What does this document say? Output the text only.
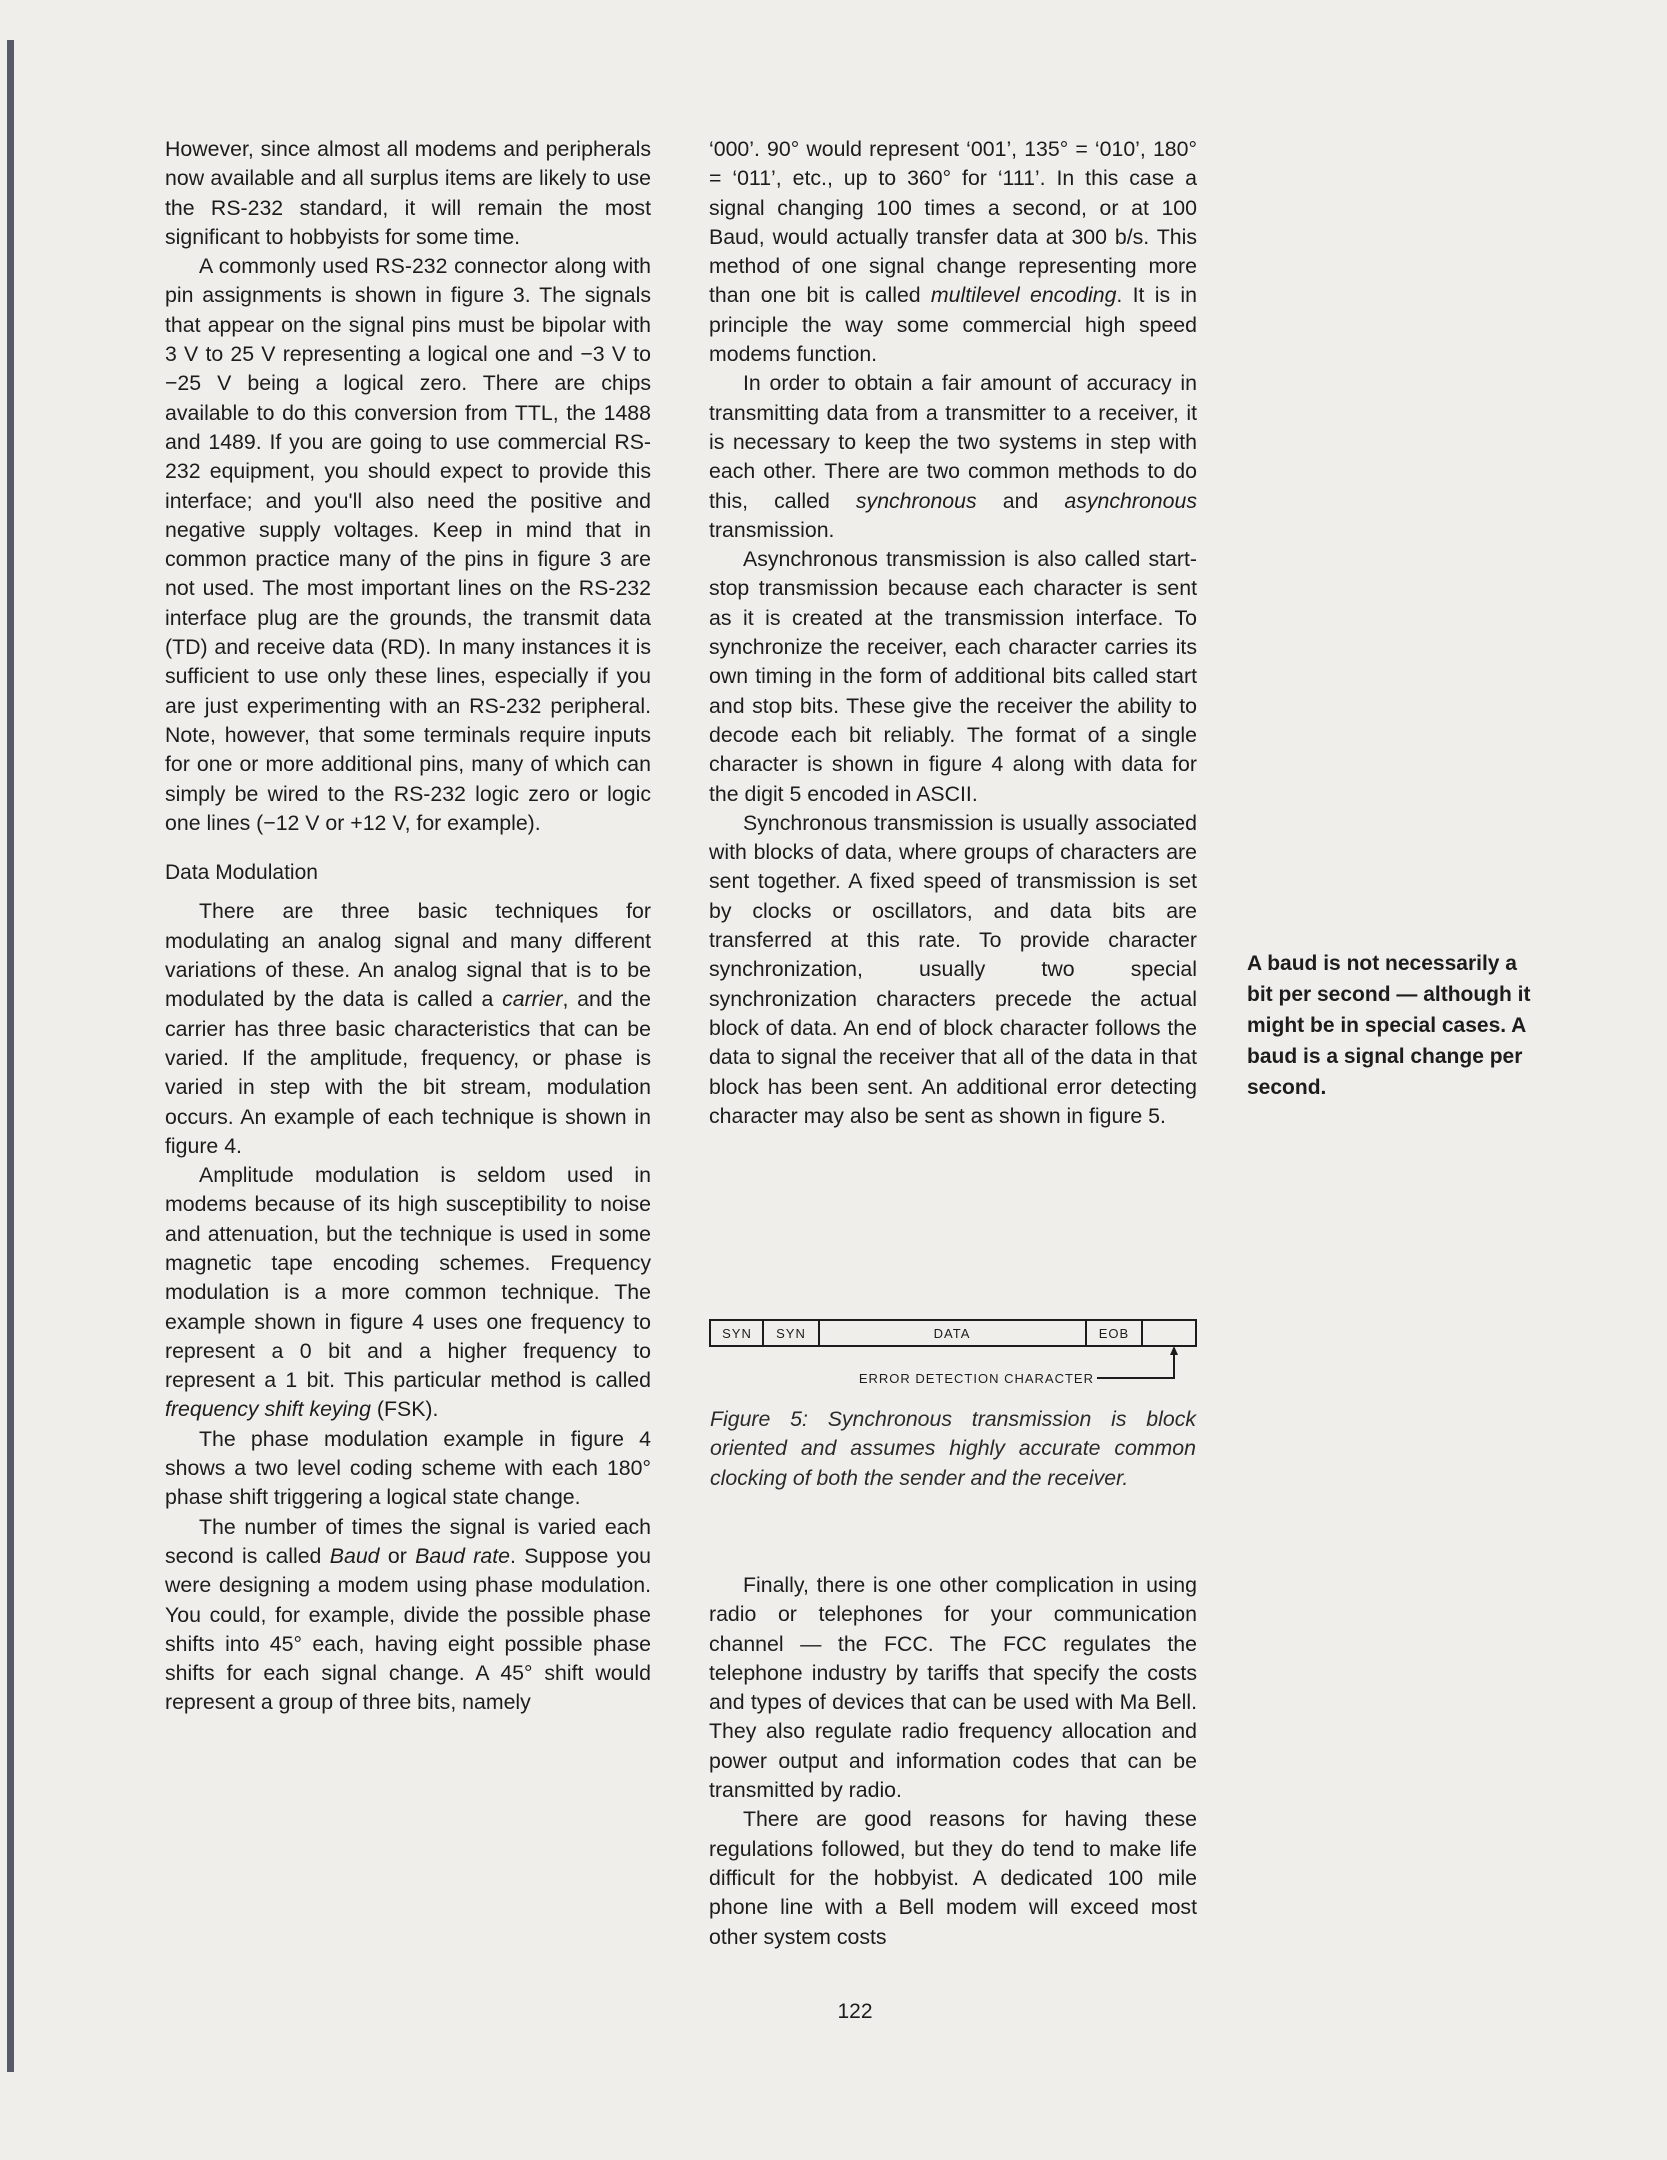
However, since almost all modems and peripherals now available and all surplus items are likely to use the RS-232 standard, it will remain the most significant to hobbyists for some time.

A commonly used RS-232 connector along with pin assignments is shown in figure 3. The signals that appear on the signal pins must be bipolar with 3 V to 25 V representing a logical one and −3 V to −25 V being a logical zero. There are chips available to do this conversion from TTL, the 1488 and 1489. If you are going to use commercial RS-232 equipment, you should expect to provide this interface; and you'll also need the positive and negative supply voltages. Keep in mind that in common practice many of the pins in figure 3 are not used. The most important lines on the RS-232 interface plug are the grounds, the transmit data (TD) and receive data (RD). In many instances it is sufficient to use only these lines, especially if you are just experimenting with an RS-232 peripheral. Note, however, that some terminals require inputs for one or more additional pins, many of which can simply be wired to the RS-232 logic zero or logic one lines (−12 V or +12 V, for example).

Data Modulation

There are three basic techniques for modulating an analog signal and many different variations of these. An analog signal that is to be modulated by the data is called a carrier, and the carrier has three basic characteristics that can be varied. If the amplitude, frequency, or phase is varied in step with the bit stream, modulation occurs. An example of each technique is shown in figure 4.

Amplitude modulation is seldom used in modems because of its high susceptibility to noise and attenuation, but the technique is used in some magnetic tape encoding schemes. Frequency modulation is a more common technique. The example shown in figure 4 uses one frequency to represent a 0 bit and a higher frequency to represent a 1 bit. This particular method is called frequency shift keying (FSK).

The phase modulation example in figure 4 shows a two level coding scheme with each 180° phase shift triggering a logical state change.

The number of times the signal is varied each second is called Baud or Baud rate. Suppose you were designing a modem using phase modulation. You could, for example, divide the possible phase shifts into 45° each, having eight possible phase shifts for each signal change. A 45° shift would represent a group of three bits, namely

‘000’. 90° would represent ‘001’, 135° = ‘010’, 180° = ‘011’, etc., up to 360° for ‘111’. In this case a signal changing 100 times a second, or at 100 Baud, would actually transfer data at 300 b/s. This method of one signal change representing more than one bit is called multilevel encoding. It is in principle the way some commercial high speed modems function.

In order to obtain a fair amount of accuracy in transmitting data from a transmitter to a receiver, it is necessary to keep the two systems in step with each other. There are two common methods to do this, called synchronous and asynchronous transmission.

Asynchronous transmission is also called start-stop transmission because each character is sent as it is created at the transmission interface. To synchronize the receiver, each character carries its own timing in the form of additional bits called start and stop bits. These give the receiver the ability to decode each bit reliably. The format of a single character is shown in figure 4 along with data for the digit 5 encoded in ASCII.

Synchronous transmission is usually associated with blocks of data, where groups of characters are sent together. A fixed speed of transmission is set by clocks or oscillators, and data bits are transferred at this rate. To provide character synchronization, usually two special synchronization characters precede the actual block of data. An end of block character follows the data to signal the receiver that all of the data in that block has been sent. An additional error detecting character may also be sent as shown in figure 5.

SYN SYN	DATA	EOB
ERROR DETECTION CHARACTER
Figure 5: Synchronous transmission is block oriented and assumes highly accurate common clocking of both the sender and the receiver.

Finally, there is one other complication in using radio or telephones for your communication channel — the FCC. The FCC regulates the telephone industry by tariffs that specify the costs and types of devices that can be used with Ma Bell. They also regulate radio frequency allocation and power output and information codes that can be transmitted by radio.

There are good reasons for having these regulations followed, but they do tend to make life difficult for the hobbyist. A dedicated 100 mile phone line with a Bell modem will exceed most other system costs

A baud is not necessarily a bit per second — although it might be in special cases. A baud is a signal change per second.
122
